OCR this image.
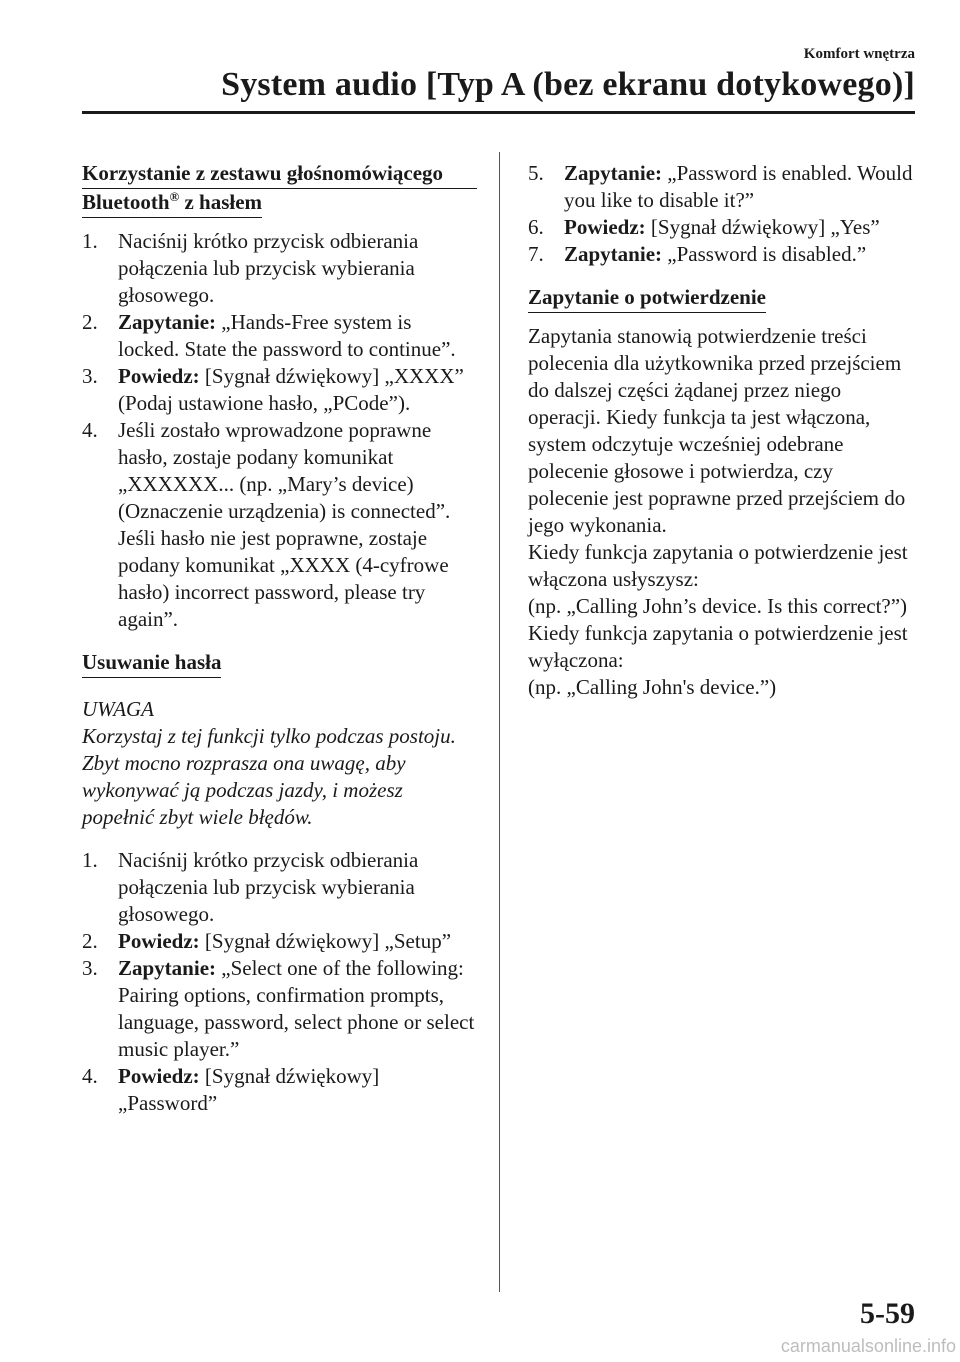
Komfort wnętrza
System audio [Typ A (bez ekranu dotykowego)]
Korzystanie z zestawu głośnomówiącego
Bluetooth® z hasłem
1. Naciśnij krótko przycisk odbierania połączenia lub przycisk wybierania głosowego.
2. Zapytanie: „Hands-Free system is locked. State the password to continue”.
3. Powiedz: [Sygnał dźwiękowy] „XXXX” (Podaj ustawione hasło, „PCode”).
4. Jeśli zostało wprowadzone poprawne hasło, zostaje podany komunikat „XXXXXX... (np. „Mary’s device) (Oznaczenie urządzenia) is connected”.
Jeśli hasło nie jest poprawne, zostaje podany komunikat „XXXX (4-cyfrowe hasło) incorrect password, please try again”.
Usuwanie hasła
UWAGA
Korzystaj z tej funkcji tylko podczas postoju. Zbyt mocno rozprasza ona uwagę, aby wykonywać ją podczas jazdy, i możesz popełnić zbyt wiele błędów.
1. Naciśnij krótko przycisk odbierania połączenia lub przycisk wybierania głosowego.
2. Powiedz: [Sygnał dźwiękowy] „Setup”
3. Zapytanie: „Select one of the following: Pairing options, confirmation prompts, language, password, select phone or select music player.”
4. Powiedz: [Sygnał dźwiękowy] „Password”
5. Zapytanie: „Password is enabled. Would you like to disable it?”
6. Powiedz: [Sygnał dźwiękowy] „Yes”
7. Zapytanie: „Password is disabled.”
Zapytanie o potwierdzenie

Zapytania stanowią potwierdzenie treści polecenia dla użytkownika przed przejściem do dalszej części żądanej przez niego operacji. Kiedy funkcja ta jest włączona, system odczytuje wcześniej odebrane polecenie głosowe i potwierdza, czy polecenie jest poprawne przed przejściem do jego wykonania.

Kiedy funkcja zapytania o potwierdzenie jest włączona usłyszysz:

(np. „Calling John’s device. Is this correct?”)

Kiedy funkcja zapytania o potwierdzenie jest wyłączona:

(np. „Calling John's device.”)

5-59
carmanualsonline.info
